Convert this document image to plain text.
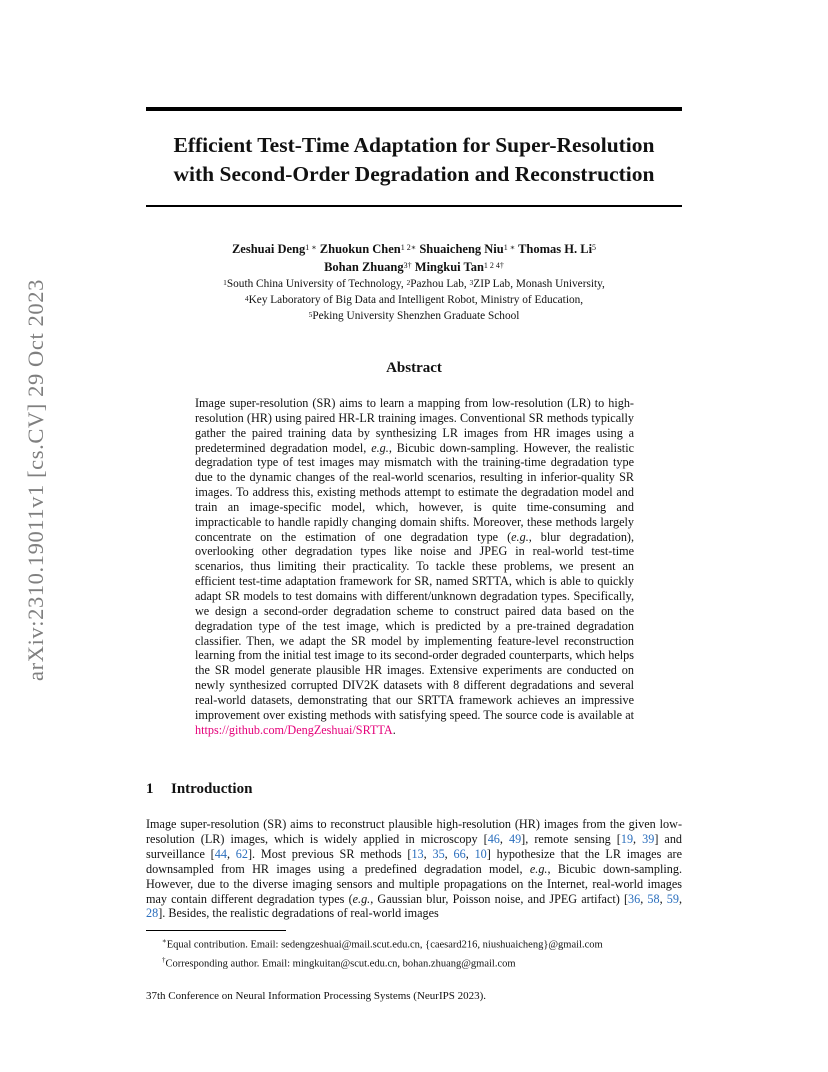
arXiv:2310.19011v1 [cs.CV] 29 Oct 2023
Efficient Test-Time Adaptation for Super-Resolution
with Second-Order Degradation and Reconstruction
Zeshuai Deng$^{1 ∗}$ Zhuokun Chen$^{1 2∗}$ Shuaicheng Niu$^{1 ∗}$ Thomas H. Li$^5$
Bohan Zhuang$^{3\dagger}$ Mingkui Tan$^{1 2 4\dagger}$
$^1$South China University of Technology, $^2$Pazhou Lab, $^3$ZIP Lab, Monash University,
$^4$Key Laboratory of Big Data and Intelligent Robot, Ministry of Education,
$^5$Peking University Shenzhen Graduate School
Abstract

Image super-resolution (SR) aims to learn a mapping from low-resolution (LR) to high-resolution (HR) using paired HR-LR training images. Conventional SR methods typically gather the paired training data by synthesizing LR images from HR images using a predetermined degradation model, e.g., Bicubic down-sampling. However, the realistic degradation type of test images may mismatch with the training-time degradation type due to the dynamic changes of the real-world scenarios, resulting in inferior-quality SR images. To address this, existing methods attempt to estimate the degradation model and train an image-specific model, which, however, is quite time-consuming and impracticable to handle rapidly changing domain shifts. Moreover, these methods largely concentrate on the estimation of one degradation type (e.g., blur degradation), overlooking other degradation types like noise and JPEG in real-world test-time scenarios, thus limiting their practicality. To tackle these problems, we present an efficient test-time adaptation framework for SR, named SRTTA, which is able to quickly adapt SR models to test domains with different/unknown degradation types. Specifically, we design a second-order degradation scheme to construct paired data based on the degradation type of the test image, which is predicted by a pre-trained degradation classifier. Then, we adapt the SR model by implementing feature-level reconstruction learning from the initial test image to its second-order degraded counterparts, which helps the SR model generate plausible HR images. Extensive experiments are conducted on newly synthesized corrupted DIV2K datasets with 8 different degradations and several real-world datasets, demonstrating that our SRTTA framework achieves an impressive improvement over existing methods with satisfying speed. The source code is available at https://github.com/DengZeshuai/SRTTA.

1 Introduction

Image super-resolution (SR) aims to reconstruct plausible high-resolution (HR) images from the given low-resolution (LR) images, which is widely applied in microscopy [46, 49], remote sensing [19, 39] and surveillance [44, 62]. Most previous SR methods [13, 35, 66, 10] hypothesize that the LR images are downsampled from HR images using a predefined degradation model, e.g., Bicubic down-sampling. However, due to the diverse imaging sensors and multiple propagations on the Internet, real-world images may contain different degradation types (e.g., Gaussian blur, Poisson noise, and JPEG artifact) [36, 58, 59, 28]. Besides, the realistic degradations of real-world images

∗Equal contribution. Email: sedengzeshuai@mail.scut.edu.cn, {caesard216, niushuaicheng}@gmail.com
†Corresponding author. Email: mingkuitan@scut.edu.cn, bohan.zhuang@gmail.com
37th Conference on Neural Information Processing Systems (NeurIPS 2023).
